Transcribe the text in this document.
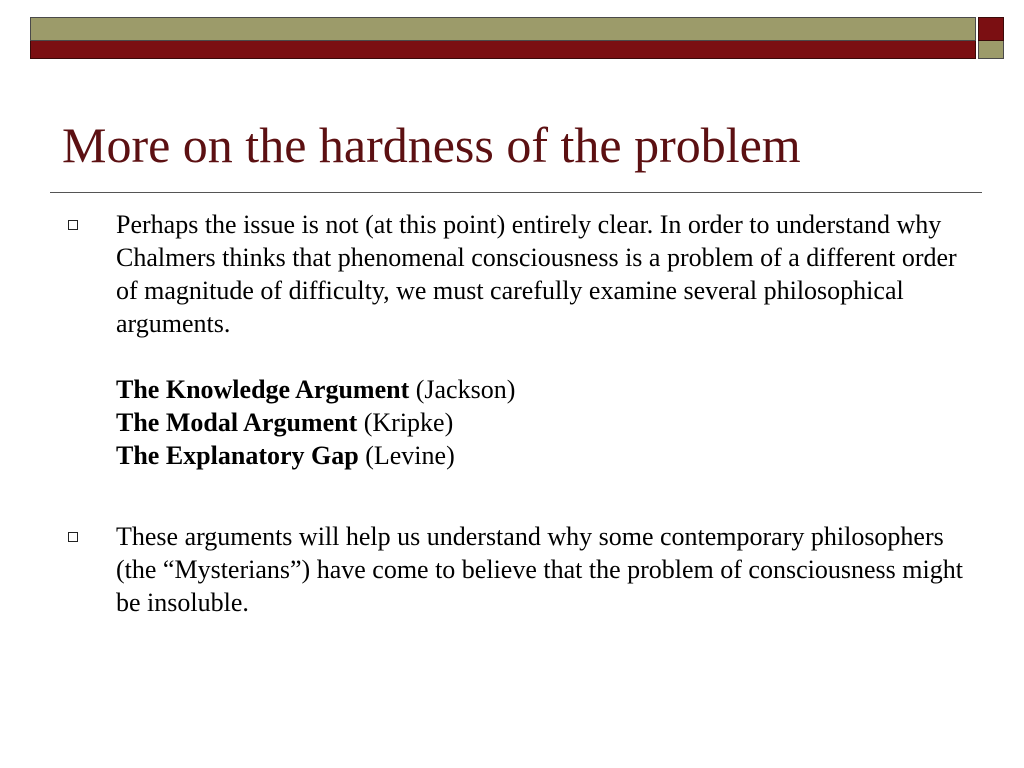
More on the hardness of the problem
Perhaps the issue is not (at this point) entirely clear. In order to understand why Chalmers thinks that phenomenal consciousness is a problem of a different order of magnitude of difficulty, we must carefully examine several philosophical arguments.
The Knowledge Argument (Jackson)
The Modal Argument (Kripke)
The Explanatory Gap (Levine)
These arguments will help us understand why some contemporary philosophers (the “Mysterians”) have come to believe that the problem of consciousness might be insoluble.
